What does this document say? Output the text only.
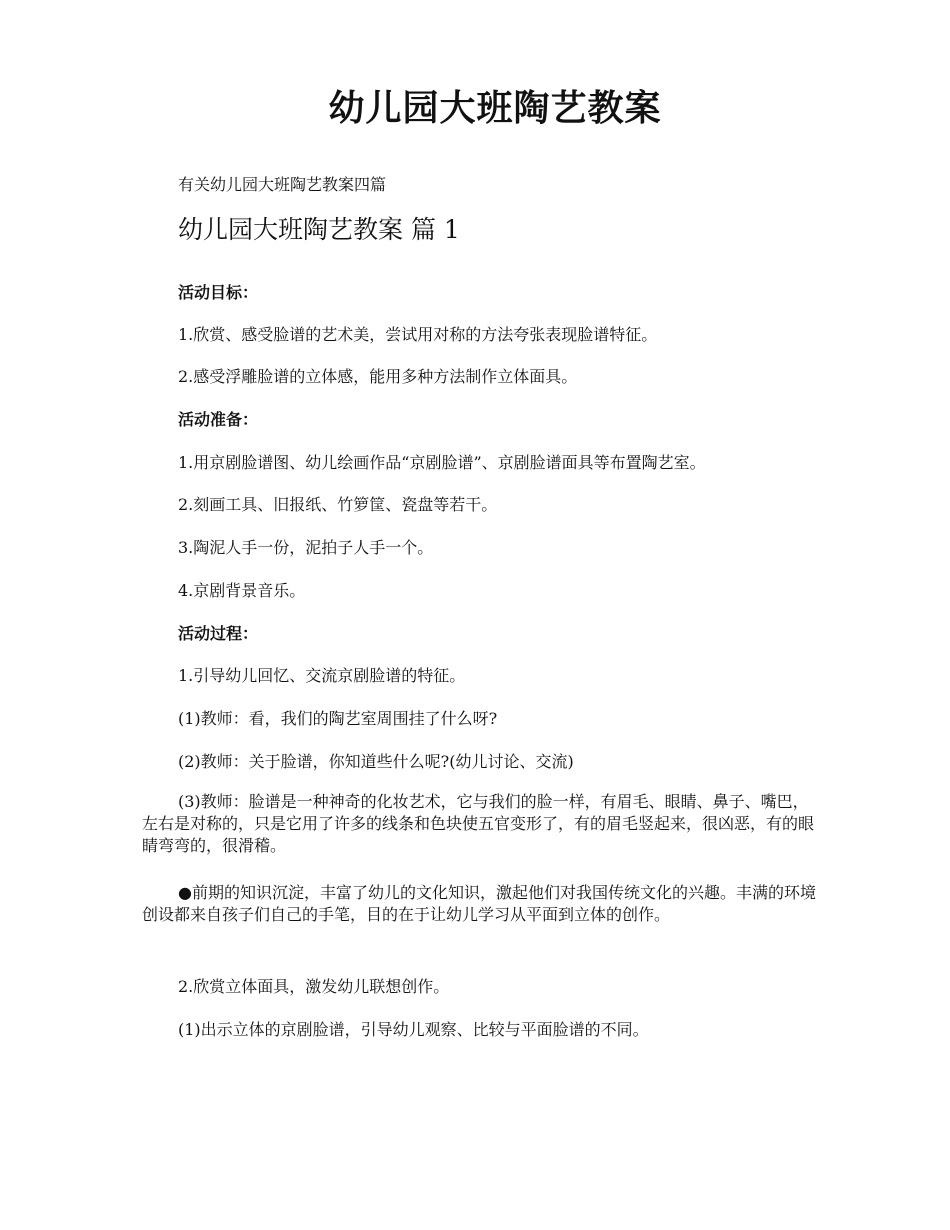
幼儿园大班陶艺教案

有关幼儿园大班陶艺教案四篇

幼儿园大班陶艺教案 篇 1

活动目标：

1.欣赏、感受脸谱的艺术美，尝试用对称的方法夸张表现脸谱特征。

2.感受浮雕脸谱的立体感，能用多种方法制作立体面具。

活动准备：

1.用京剧脸谱图、幼儿绘画作品“京剧脸谱”、京剧脸谱面具等布置陶艺室。

2.刻画工具、旧报纸、竹箩筐、瓷盘等若干。

3.陶泥人手一份，泥拍子人手一个。

4.京剧背景音乐。

活动过程：

1.引导幼儿回忆、交流京剧脸谱的特征。

(1)教师：看，我们的陶艺室周围挂了什么呀?

(2)教师：关于脸谱，你知道些什么呢?(幼儿讨论、交流)

(3)教师：脸谱是一种神奇的化妆艺术，它与我们的脸一样，有眉毛、眼睛、鼻子、嘴巴，左右是对称的，只是它用了许多的线条和色块使五官变形了，有的眉毛竖起来，很凶恶，有的眼睛弯弯的，很滑稽。

●前期的知识沉淀，丰富了幼儿的文化知识，激起他们对我国传统文化的兴趣。丰满的环境创设都来自孩子们自己的手笔，目的在于让幼儿学习从平面到立体的创作。

2.欣赏立体面具，激发幼儿联想创作。

(1)出示立体的京剧脸谱，引导幼儿观察、比较与平面脸谱的不同。
